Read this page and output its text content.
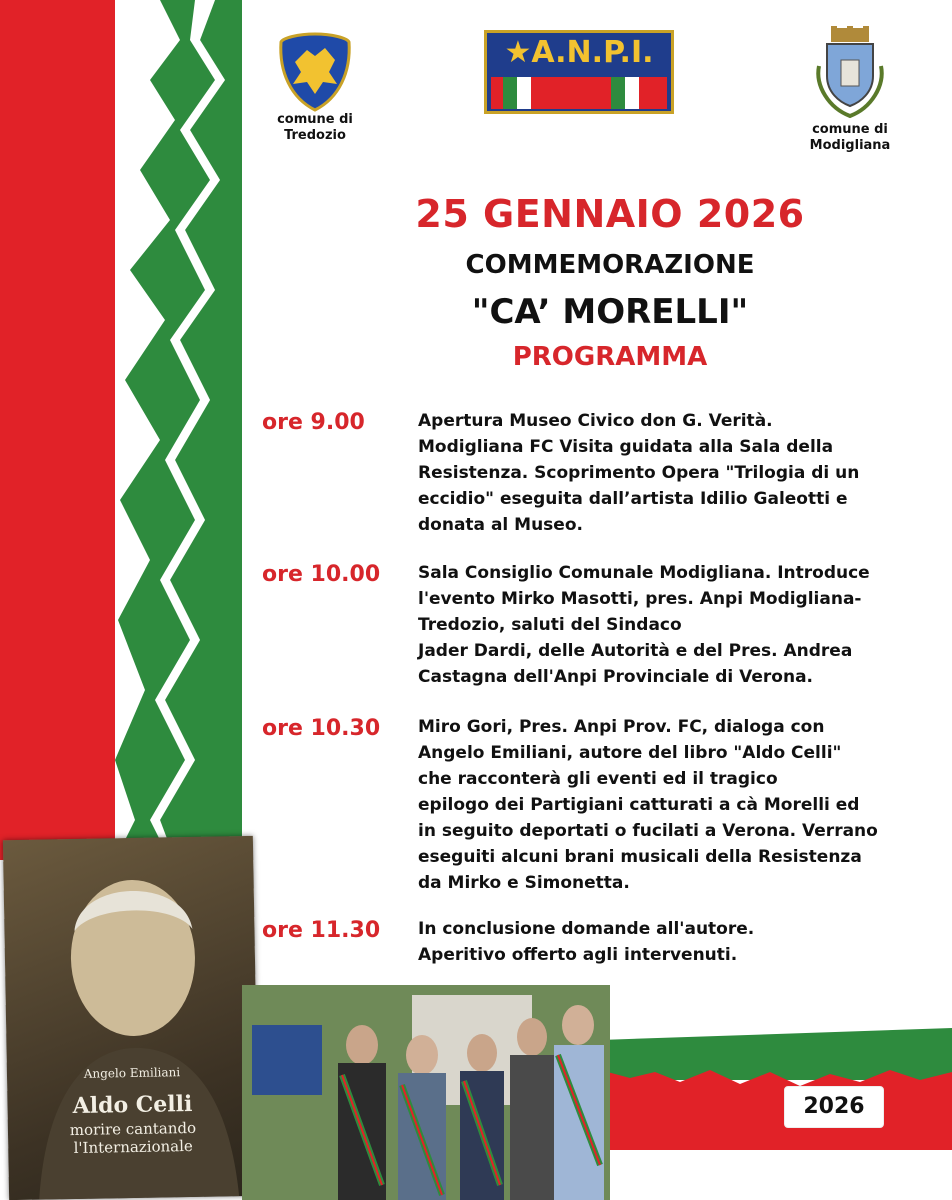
comune di
Tredozio
★A.N.P.I.
comune di
Modigliana
25 GENNAIO 2026
COMMEMORAZIONE
"CA’ MORELLI"
PROGRAMMA
ore 9.00	Apertura Museo Civico don G. Verità.
Modigliana FC Visita guidata alla Sala della
Resistenza. Scoprimento Opera "Trilogia di un
eccidio" eseguita dall’artista Idilio Galeotti e
donata al Museo.
ore 10.00	Sala Consiglio Comunale Modigliana. Introduce
l'evento Mirko Masotti, pres. Anpi Modigliana-
Tredozio, saluti del Sindaco
Jader Dardi, delle Autorità e del Pres. Andrea
Castagna dell'Anpi Provinciale di Verona.
ore 10.30	Miro Gori, Pres. Anpi Prov. FC, dialoga con
Angelo Emiliani, autore del libro "Aldo Celli"
che racconterà gli eventi ed il tragico
epilogo dei Partigiani catturati a cà Morelli ed
in seguito deportati o fucilati a Verona. Verrano
eseguiti alcuni brani musicali della Resistenza
da Mirko e Simonetta.
ore 11.30	In conclusione domande all'autore.
Aperitivo offerto agli intervenuti.
Angelo Emiliani
Aldo Celli
morire cantando
l'Internazionale
2026
